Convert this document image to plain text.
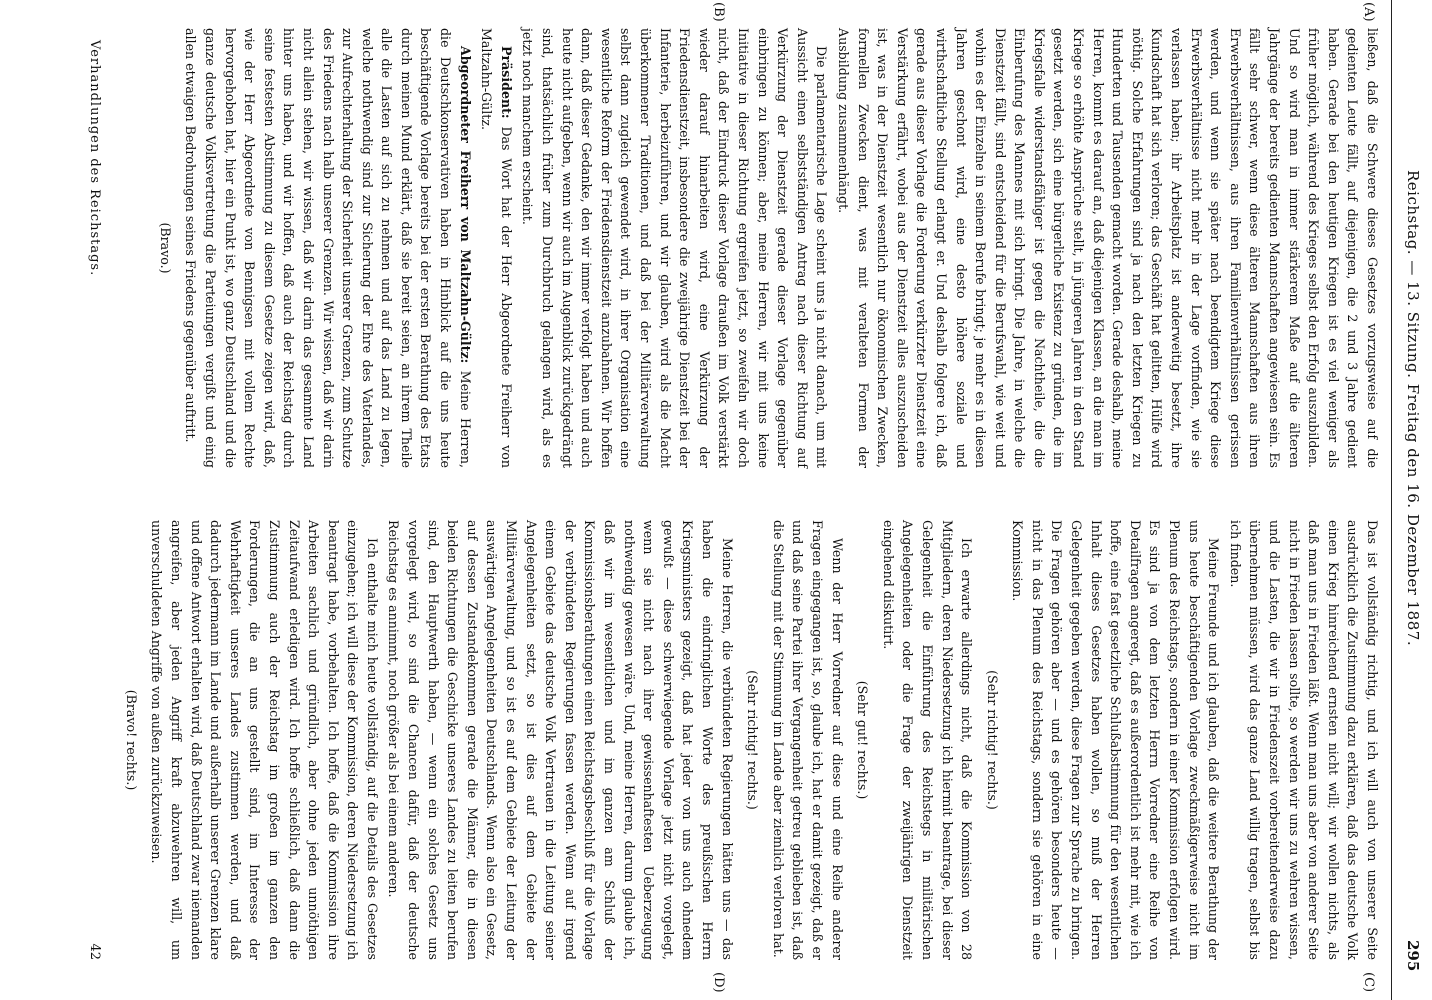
Reichstag. — 13. Sitzung. Freitag den 16. Dezember 1887.
295
(A)
(B)
(C)
(D)

ließen, daß die Schwere dieses Gesetzes vorzugsweise auf die gedienten Leute fällt, auf diejenigen, die 2 und 3 Jahre gedient haben. Gerade bei den heutigen Kriegen ist es viel weniger als früher möglich, während des Krieges selbst den Erfolg auszubilden. Und so wird man in immer stärkerem Maße auf die älteren Jahrgänge der bereits gedienten Mannschaften angewiesen sein. Es fällt sehr schwer, wenn diese älteren Mannschaften aus ihren Erwerbsverhältnissen, aus ihren Familienverhältnissen gerissen werden, und wenn sie später nach beendigtem Kriege diese Erwerbsverhältnisse nicht mehr in der Lage vorfinden, wie sie verlassen haben; ihr Arbeitsplatz ist anderweitig besetzt, ihre Kundschaft hat sich verloren; das Geschäft hat gelitten, Hülfe wird nöthig. Solche Erfahrungen sind ja nach den letzten Kriegen zu Hunderten und Tausenden gemacht worden. Gerade deshalb, meine Herren, kommt es darauf an, daß diejenigen Klassen, an die man im Kriege so erhöhte Ansprüche stellt, in jüngeren Jahren in den Stand gesetzt werden, sich eine bürgerliche Existenz zu gründen, die im Kriegsfalle widerstandsfähiger ist gegen die Nachtheile, die die Einberufung des Mannes mit sich bringt. Die Jahre, in welche die Dienstzeit fällt, sind entscheidend für die Berufswahl, wie weit und wohin es der Einzelne in seinem Berufe bringt; je mehr es in diesen Jahren geschont wird, eine desto höhere soziale und wirthschaftliche Stellung erlangt er. Und deshalb folgere ich, daß gerade aus dieser Vorlage die Forderung verkürzter Dienstzeit eine Verstärkung erfährt, wobei aus der Dienstzeit alles auszuscheiden ist, was in der Dienstzeit wesentlich nur ökonomischen Zwecken, formellen Zwecken dient, was mit veralteten Formen der Ausbildung zusammenhängt.

Die parlamentarische Lage scheint uns ja nicht danach, um mit Aussicht einen selbstständigen Antrag nach dieser Richtung auf Verkürzung der Dienstzeit gerade dieser Vorlage gegenüber einbringen zu können; aber, meine Herren, wir mit uns keine Initiative in dieser Richtung ergreifen jetzt, so zweifeln wir doch nicht, daß der Eindruck dieser Vorlage draußen im Volk verstärkt wieder darauf hinarbeiten wird, eine Verkürzung der Friedensdienstzeit, insbesondere die zweijährige Dienstzeit bei der Infanterie, herbeizuführen, und wir glauben, wird als die Macht überkommener Traditionen, und daß bei der Militärverwaltung selbst dann zugleich gewendet wird, in ihrer Organisation eine wesentliche Reform der Friedensdienstzeit anzubahnen. Wir hoffen dann, daß dieser Gedanke, den wir immer verfolgt haben und auch heute nicht aufgeben, wenn wir auch im Augenblick zurückgedrängt sind, thatsächlich früher zum Durchbruch gelangen wird, als es jetzt noch manchem erscheint.

Präsident: Das Wort hat der Herr Abgeordnete Freiherr von Maltzahn-Gültz.

Abgeordneter Freiherr von Maltzahn-Gültz: Meine Herren, die Deutschkonservativen haben in Hinblick auf die uns heute beschäftigende Vorlage bereits bei der ersten Berathung des Etats durch meinen Mund erklärt, daß sie bereit seien, an ihrem Theile alle die Lasten auf sich zu nehmen und auf das Land zu legen, welche nothwendig sind zur Sicherung der Ehre des Vaterlandes, zur Aufrechterhaltung der Sicherheit unserer Grenzen, zum Schutze des Friedens nach halb unserer Grenzen. Wir wissen, daß wir darin nicht allein stehen, wir wissen, daß wir darin das gesammte Land hinter uns haben, und wir hoffen, daß auch der Reichstag durch seine festesten Abstimmung zu diesem Gesetze zeigen wird, daß, wie der Herr Abgeordnete von Bennigsen mit vollem Rechte hervorgehoben hat, hier ein Punkt ist, wo ganz Deutschland und die ganze deutsche Volksvertretung die Parteiungen vergißt und einig allen etwaigen Bedrohungen seines Friedens gegenüber auftritt.

(Bravo.)

Das ist vollständig richtig, und ich will auch von unserer Seite ausdrücklich die Zustimmung dazu erklären, daß das deutsche Volk einen Krieg hinreichend ernsten nicht will; wir wollen nichts, als daß man uns in Frieden läßt. Wenn man uns aber von anderer Seite nicht in Frieden lassen sollte, so werden wir uns zu wehren wissen, und die Lasten, die wir in Friedenszeit vorbereitenderweise dazu übernehmen müssen, wird das ganze Land willig tragen, selbst bis ich finden.

Meine Freunde und ich glauben, daß die weitere Berathung der uns heute beschäftigenden Vorlage zweckmäßigerweise nicht im Plenum des Reichstags, sondern in einer Kommission erfolgen wird. Es sind ja von dem letzten Herrn Vorredner eine Reihe von Detailfragen angeregt, daß es außerordentlich ist mehr mit, wie ich hoffe, eine fast gesetzliche Schlußabstimmung für den wesentlichen Inhalt dieses Gesetzes haben wollen, so muß der Herren Gelegenheit gegeben werden, diese Fragen zur Sprache zu bringen. Die Fragen gehören aber — und es gehören besonders heute — nicht in das Plenum des Reichstags, sondern sie gehören in eine Kommission.

(Sehr richtig! rechts.)

Ich erwarte allerdings nicht, daß die Kommission von 28 Mitgliedern, deren Niedersetzung ich hiermit beantrage, bei dieser Gelegenheit die Einführung des Reichstegs in militärischen Angelegenheiten oder die Frage der zweijährigen Dienstzeit eingehend diskutirt.

(Sehr gut! rechts.)

Wenn der Herr Vorredner auf diese und eine Reihe anderer Fragen eingegangen ist, so, glaube ich, hat er damit gezeigt, daß er und daß seine Partei ihrer Vergangenheit getreu geblieben ist, daß die Stellung mit der Stimmung im Lande aber ziemlich verloren hat.

(Sehr richtig! rechts.)

Meine Herren, die verbündeten Regierungen hätten uns — das haben die eindringlichen Worte des preußischen Herrn Kriegsministers gezeigt, daß hat jeder von uns auch ohnedem gewußt — diese schwerwiegende Vorlage jetzt nicht vorgelegt, wenn sie nicht nach ihrer gewissenhaftesten Ueberzeugung nothwendig gewesen wäre. Und, meine Herren, darum glaube ich, daß wir im wesentlichen und im ganzen am Schluß der Kommissionsberathungen einen Reichstagsbeschluß für die Vorlage der verbündeten Regierungen fassen werden. Wenn auf irgend einem Gebiete das deutsche Volk Vertrauen in die Leitung seiner Angelegenheiten setzt, so ist dies auf dem Gebiete der Militärverwaltung, und so ist es auf dem Gebiete der Leitung der auswärtigen Angelegenheiten Deutschlands. Wenn also ein Gesetz, auf dessen Zustandekommen gerade die Männer, die in diesen beiden Richtungen die Geschicke unseres Landes zu leiten berufen sind, den Hauptwerth haben, — wenn ein solches Gesetz uns vorgelegt wird, so sind die Chancen dafür, daß der deutsche Reichstag es annimmt, noch größer als bei einem anderen.

Ich enthalte mich heute vollständig, auf die Details des Gesetzes einzugehen; ich will diese der Kommission, deren Niedersetzung ich beantragt habe, vorbehalten. Ich hoffe, daß die Kommission ihre Arbeiten sachlich und gründlich, aber ohne jeden unnöthigen Zeitaufwand erledigen wird. Ich hoffe schließlich, daß dann die Zustimmung auch der Reichstag im großen im ganzen den Forderungen, die an uns gestellt sind, im Interesse der Wehrhaftigkeit unseres Landes zustimmen werden, und daß dadurch jedermann im Lande und außerhalb unserer Grenzen klare und offene Antwort erhalten wird, daß Deutschland zwar niemanden angreifen, aber jeden Angriff kraft abzuwehren will, um unverschuldeten Angriffe von außen zurückzuweisen.

(Bravo! rechts.)

Verhandlungen des Reichstags.
42
